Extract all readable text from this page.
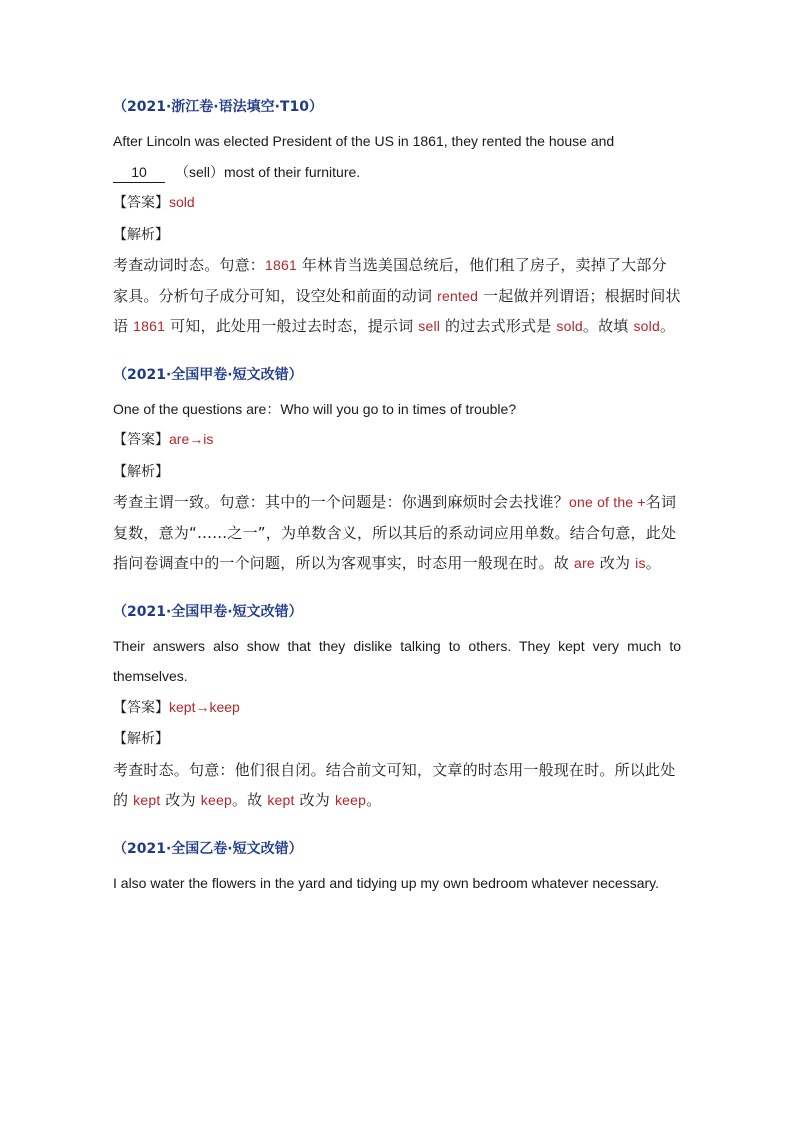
（2021·浙江卷·语法填空·T10）
After Lincoln was elected President of the US in 1861, they rented the house and
10 （sell）most of their furniture.
【答案】sold
【解析】
考查动词时态。句意：1861 年林肯当选美国总统后，他们租了房子，卖掉了大部分家具。分析句子成分可知，设空处和前面的动词 rented 一起做并列谓语；根据时间状语 1861 可知，此处用一般过去时态，提示词 sell 的过去式形式是 sold。故填 sold。
（2021·全国甲卷·短文改错）
One of the questions are：Who will you go to in times of trouble?
【答案】are→is
【解析】
考查主谓一致。句意：其中的一个问题是：你遇到麻烦时会去找谁？one of the +名词复数，意为“……之一”，为单数含义，所以其后的系动词应用单数。结合句意，此处指问卷调查中的一个问题，所以为客观事实，时态用一般现在时。故 are 改为 is。
（2021·全国甲卷·短文改错）
Their answers also show that they dislike talking to others. They kept very much to themselves.
【答案】kept→keep
【解析】
考查时态。句意：他们很自闭。结合前文可知，文章的时态用一般现在时。所以此处的 kept 改为 keep。故 kept 改为 keep。
（2021·全国乙卷·短文改错）
I also water the flowers in the yard and tidying up my own bedroom whatever necessary.
